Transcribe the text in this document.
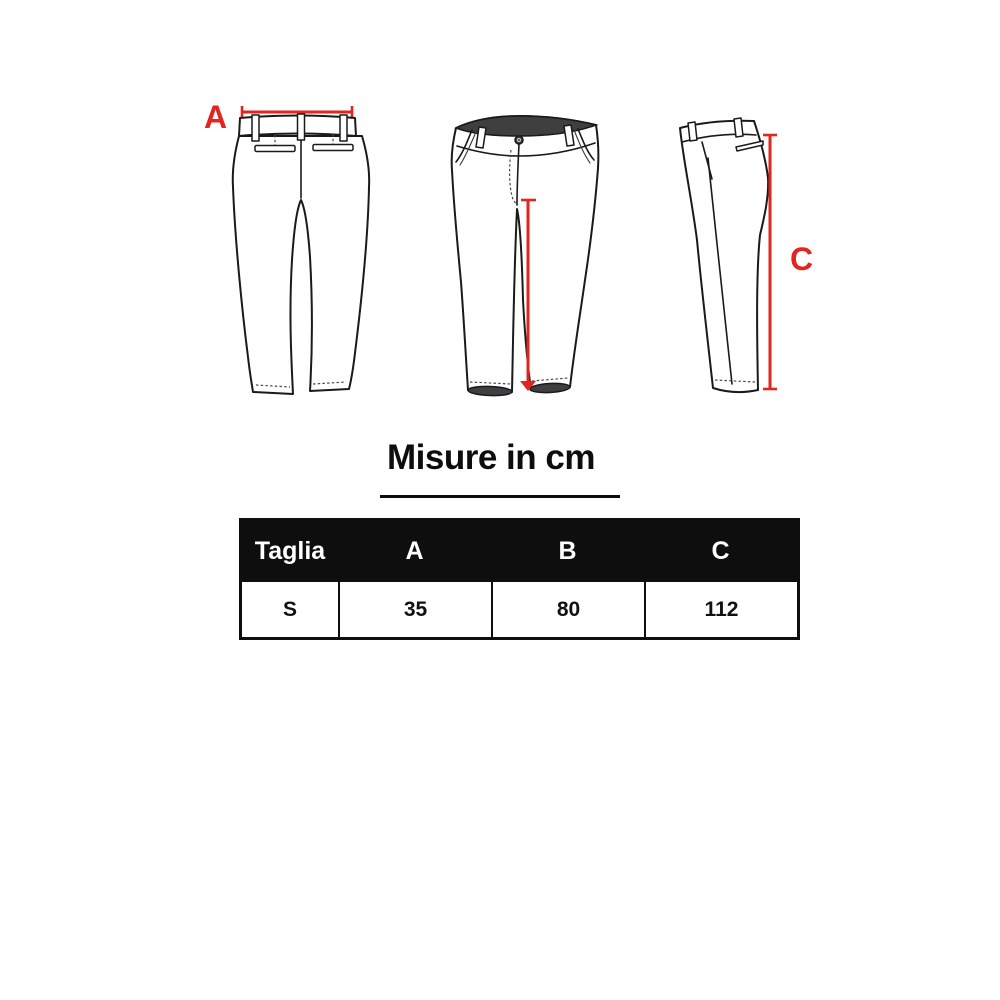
A
C
Misure in cm
Taglia	A	B	C
S	35	80	112
